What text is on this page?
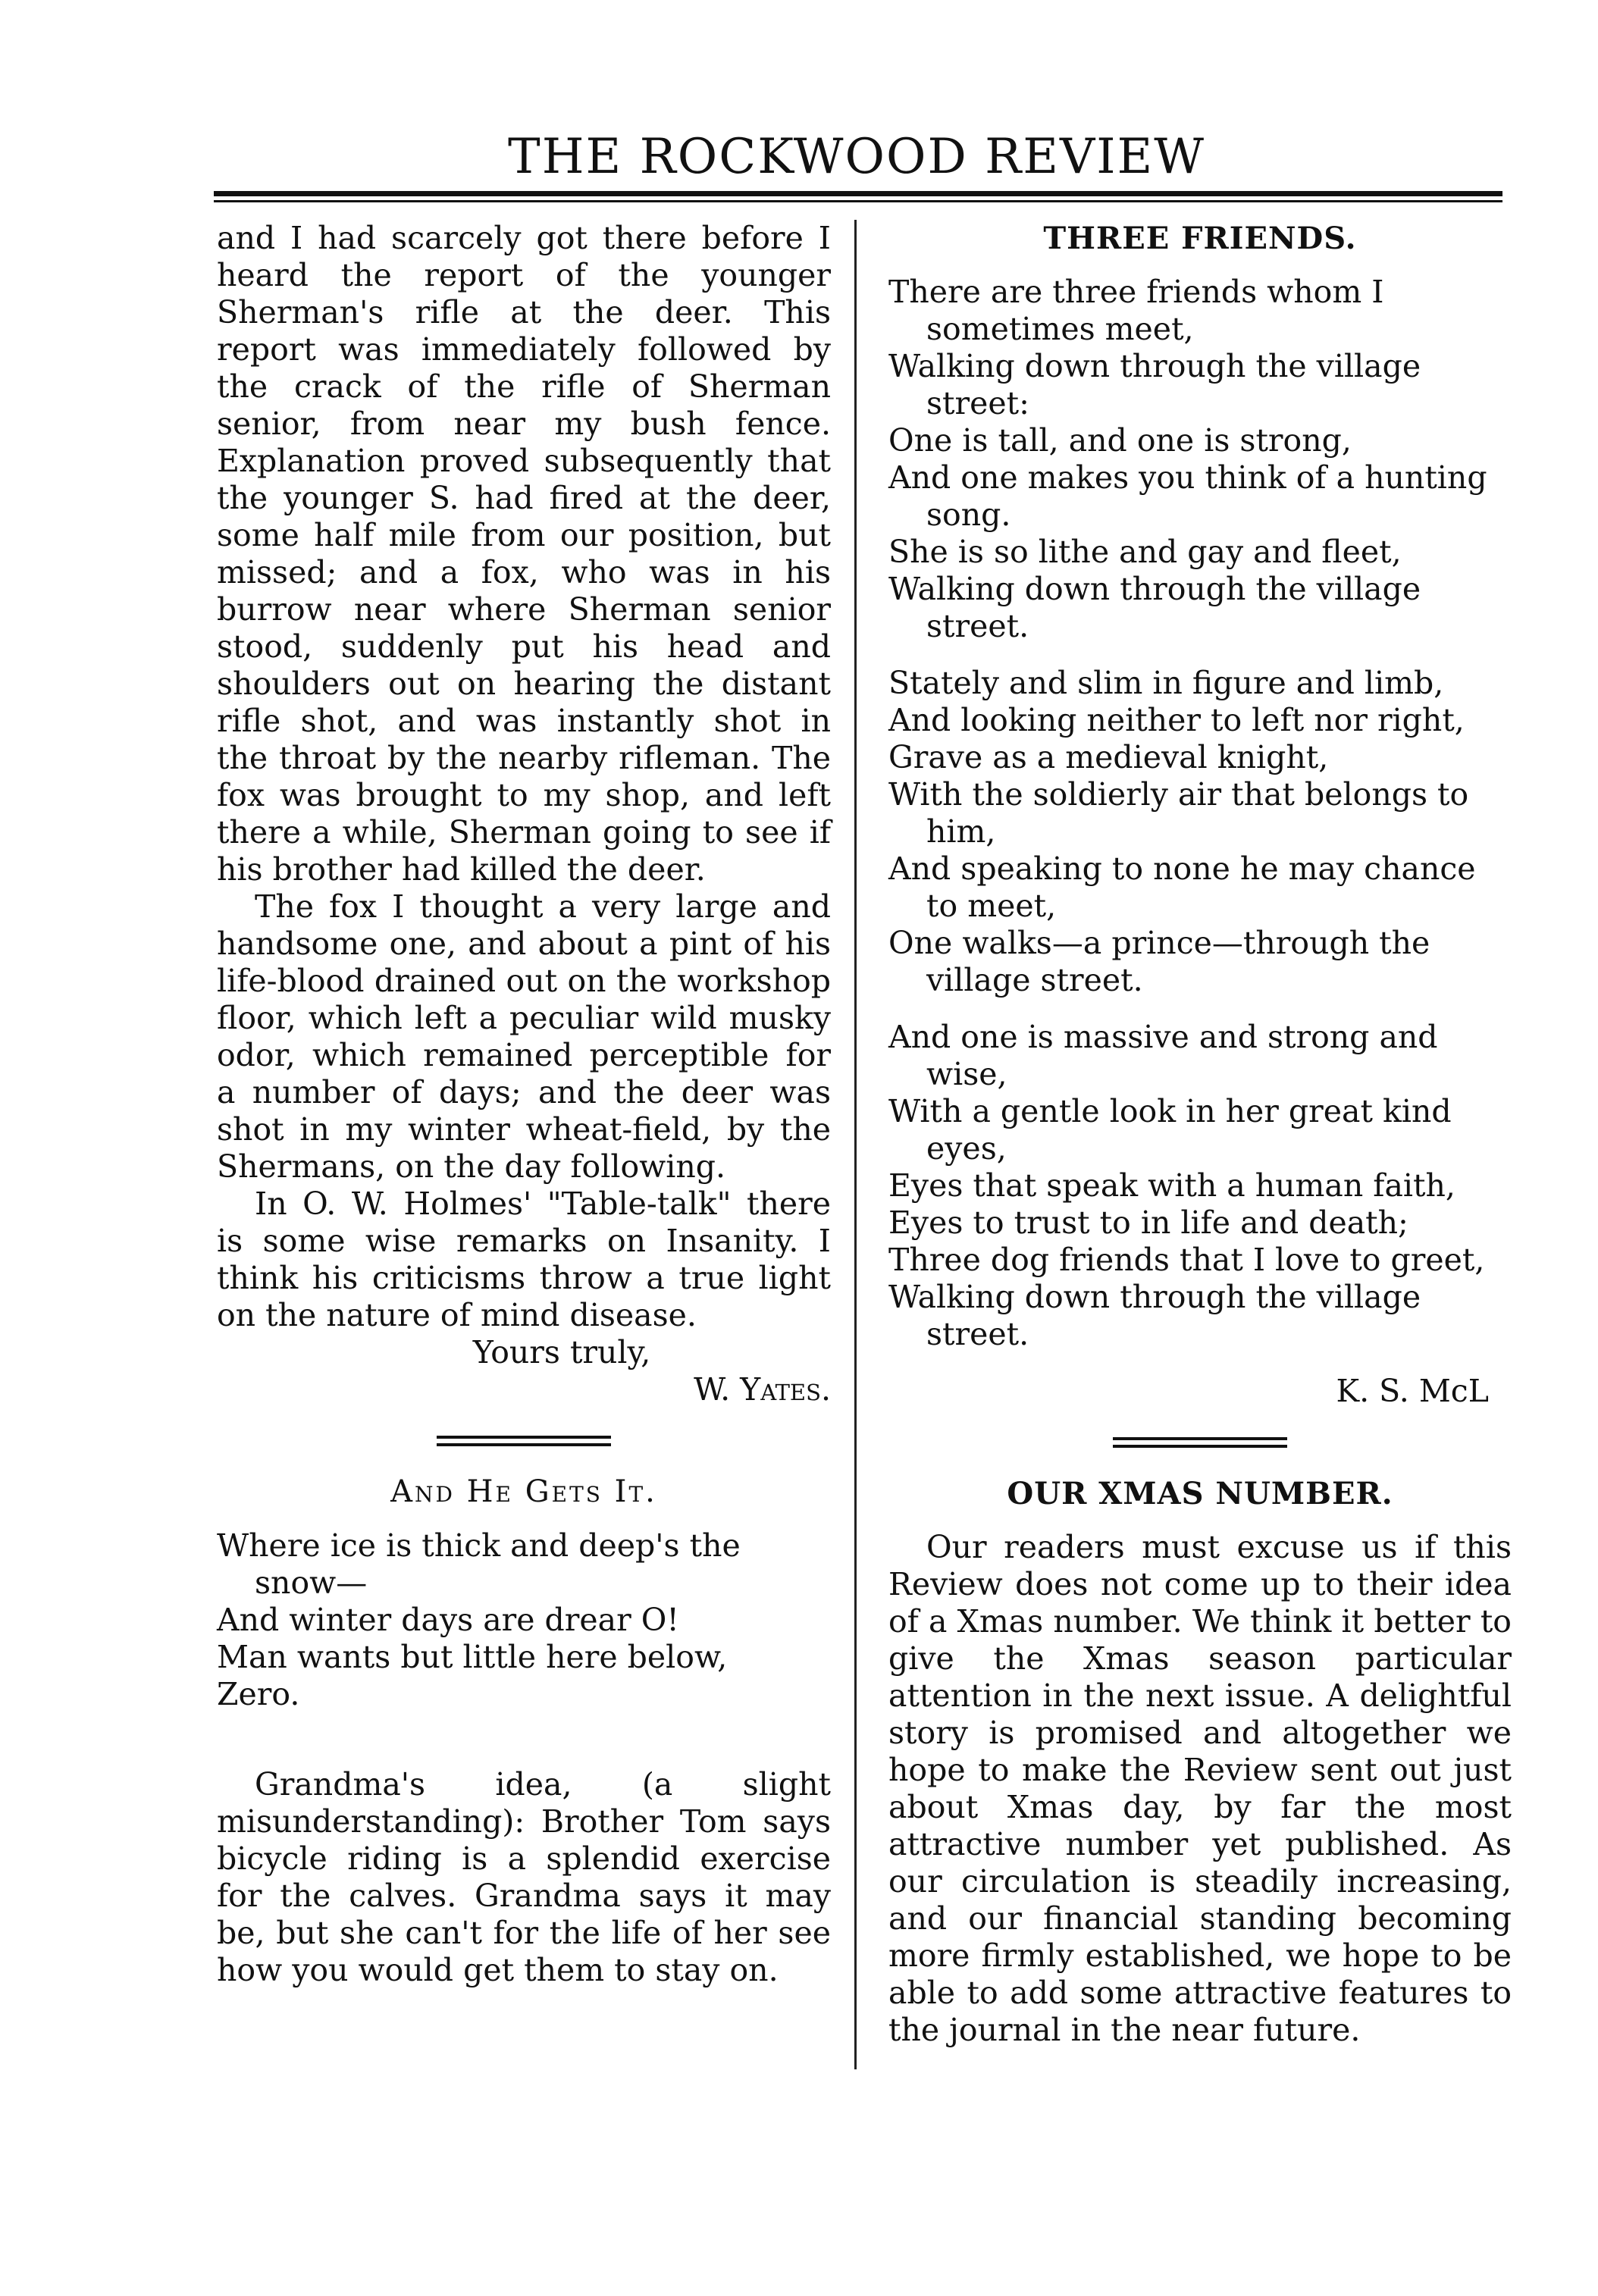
THE ROCKWOOD REVIEW

and I had scarcely got there before I heard the report of the younger Sherman's rifle at the deer. This report was immediately followed by the crack of the rifle of Sherman senior, from near my bush fence. Explanation proved subsequently that the younger S. had fired at the deer, some half mile from our position, but missed; and a fox, who was in his burrow near where Sherman senior stood, suddenly put his head and shoulders out on hearing the distant rifle shot, and was instantly shot in the throat by the nearby rifleman. The fox was brought to my shop, and left there a while, Sherman going to see if his brother had killed the deer.

The fox I thought a very large and handsome one, and about a pint of his life-blood drained out on the workshop floor, which left a peculiar wild musky odor, which remained perceptible for a number of days; and the deer was shot in my winter wheat-field, by the Shermans, on the day following.

In O. W. Holmes' "Table-talk" there is some wise remarks on Insanity. I think his criticisms throw a true light on the nature of mind disease.

Yours truly,

W. Yates.

And He Gets It.
Where ice is thick and deep's the snow—
And winter days are drear O!
Man wants but little here below,
Zero.

Grandma's idea, (a slight misunderstanding): Brother Tom says bicycle riding is a splendid exercise for the calves. Grandma says it may be, but she can't for the life of her see how you would get them to stay on.

THREE FRIENDS.
There are three friends whom I sometimes meet,
Walking down through the village street:
One is tall, and one is strong,
And one makes you think of a hunting song.
She is so lithe and gay and fleet,
Walking down through the village street.
Stately and slim in figure and limb,
And looking neither to left nor right,
Grave as a medieval knight,
With the soldierly air that belongs to him,
And speaking to none he may chance to meet,
One walks—a prince—through the village street.
And one is massive and strong and wise,
With a gentle look in her great kind eyes,
Eyes that speak with a human faith,
Eyes to trust to in life and death;
Three dog friends that I love to greet,
Walking down through the village street.

K. S. McL

OUR XMAS NUMBER.

Our readers must excuse us if this Review does not come up to their idea of a Xmas number. We think it better to give the Xmas season particular attention in the next issue. A delightful story is promised and altogether we hope to make the Review sent out just about Xmas day, by far the most attractive number yet published. As our circulation is steadily increasing, and our financial standing becoming more firmly established, we hope to be able to add some attractive features to the journal in the near future.
